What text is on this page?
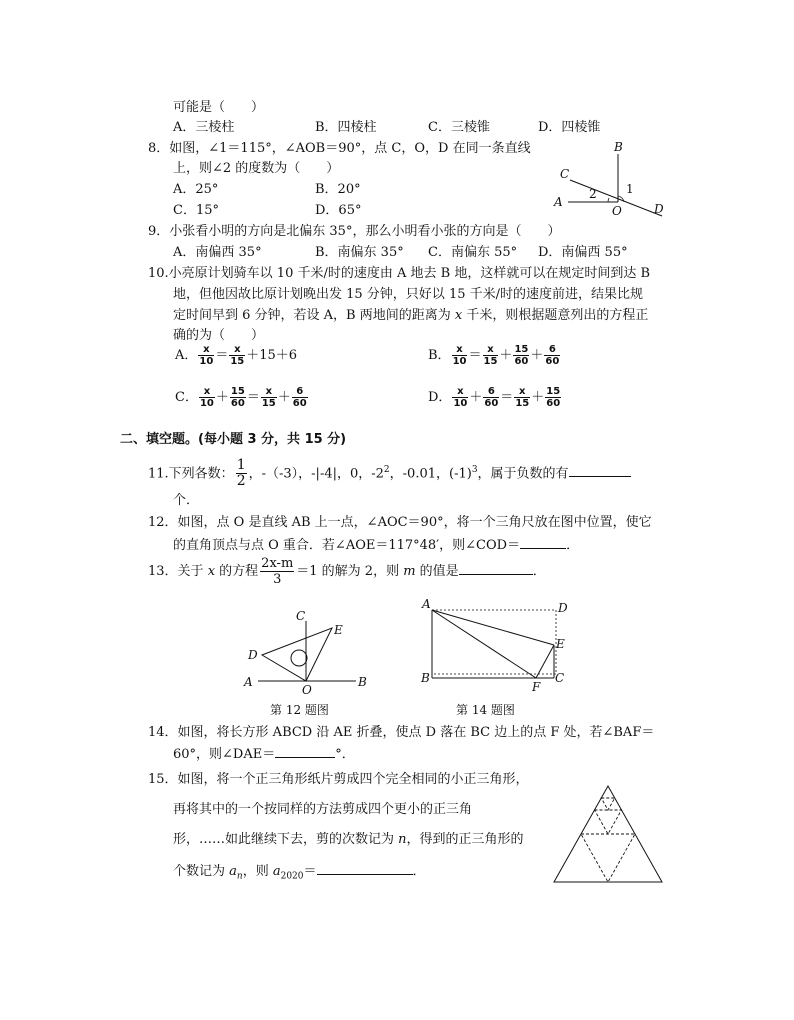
可能是（　　）
A．三棱柱	B．四棱柱	C．三棱锥	D．四棱锥
8．如图，∠1＝115°，∠AOB＝90°，点 C，O，D 在同一条直线
上，则∠2 的度数为（　　）
A．25°	B．20°
C．15°	D．65°
B
C
A
O	D
1
2
9．小张看小明的方向是北偏东 35°，那么小明看小张的方向是（　　）
A．南偏西 35°	B．南偏东 35° C．南偏东 55° D．南偏西 55°
10.小亮原计划骑车以 10 千米/时的速度由 A 地去 B 地，这样就可以在规定时间到达 B
地，但他因故比原计划晚出发 15 分钟，只好以 15 千米/时的速度前进，结果比规
定时间早到 6 分钟，若设 A，B 两地间的距离为 x 千米，则根据题意列出的方程正
确的为（　　）
A． $\frac{x}{10} = \frac{x}{15} +15+6$	B． $\frac{x}{10} = \frac{x}{15} + \frac{15}{60} + \frac{6}{60}$
C． $\frac{x}{10} + \frac{15}{60} = \frac{x}{15} + \frac{6}{60}$	D． $\frac{x}{10} + \frac{6}{60} = \frac{x}{15} + \frac{15}{60}$
二、填空题。(每小题 3 分，共 15 分)
11.下列各数： $\frac{1}{2}$ ，-（-3），-|-4|，0，$-2^2$，-0.01，$(-1)^3$，属于负数的有
个．
12．如图，点 O 是直线 AB 上一点，∠AOC＝90°，将一个三角尺放在图中位置，使它
的直角顶点与点 O 重合．若∠AOE＝117°48′，则∠COD＝	．
13．关于 x 的方程 $\frac{2x-m}{3} =1$ 的解为 2，则 m 的值是	．
C
E
D
A
O
B
第 12 题图
A	D
E
B
F
C
第 14 题图
14．如图，将长方形 ABCD 沿 AE 折叠，使点 D 落在 BC 边上的点 F 处，若∠BAF＝
60°，则∠DAE＝	°．
15．如图，将一个正三角形纸片剪成四个完全相同的小正三角形，
再将其中的一个按同样的方法剪成四个更小的正三角
形，……如此继续下去，剪的次数记为 n，得到的正三角形的
个数记为 $a_n$，则 $a_{2020}=$	．
